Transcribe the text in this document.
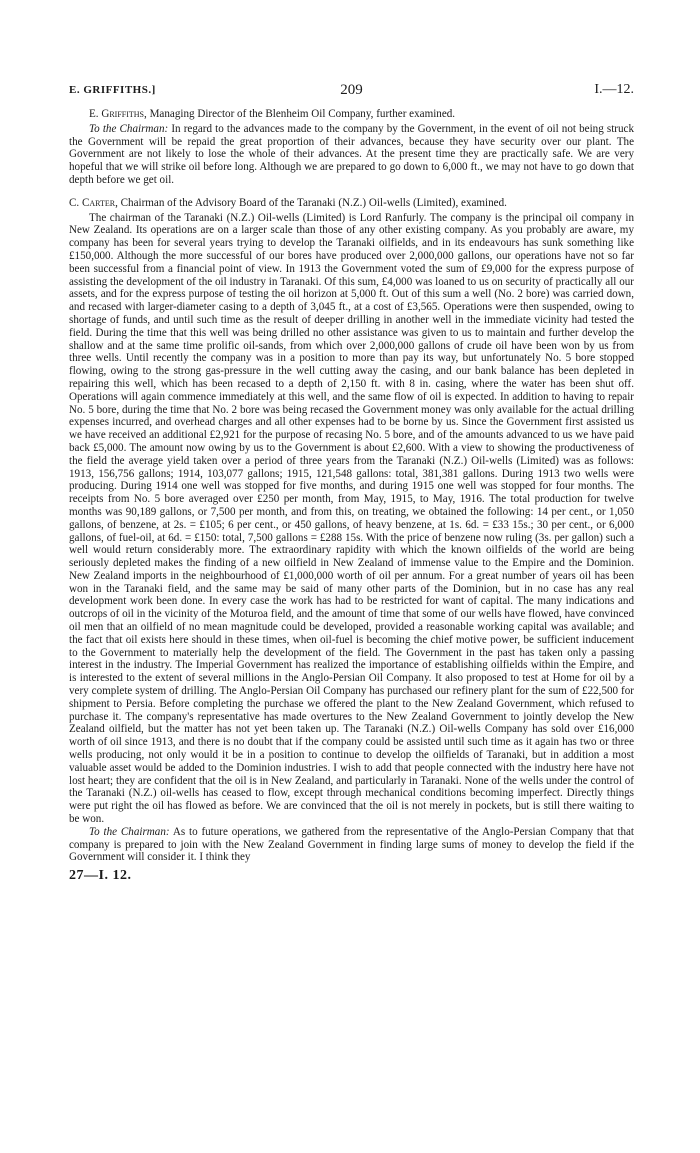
E. GRIFFITHS.]	209	I.—12.

E. Griffiths, Managing Director of the Blenheim Oil Company, further examined.

To the Chairman: In regard to the advances made to the company by the Government, in the event of oil not being struck the Government will be repaid the great proportion of their advances, because they have security over our plant. The Government are not likely to lose the whole of their advances. At the present time they are practically safe. We are very hopeful that we will strike oil before long. Although we are prepared to go down to 6,000 ft., we may not have to go down that depth before we get oil.

C. Carter, Chairman of the Advisory Board of the Taranaki (N.Z.) Oil-wells (Limited), examined.

The chairman of the Taranaki (N.Z.) Oil-wells (Limited) is Lord Ranfurly. The company is the principal oil company in New Zealand. Its operations are on a larger scale than those of any other existing company. As you probably are aware, my company has been for several years trying to develop the Taranaki oilfields, and in its endeavours has sunk something like £150,000. Although the more successful of our bores have produced over 2,000,000 gallons, our operations have not so far been successful from a financial point of view. In 1913 the Government voted the sum of £9,000 for the express purpose of assisting the development of the oil industry in Taranaki. Of this sum, £4,000 was loaned to us on security of practically all our assets, and for the express purpose of testing the oil horizon at 5,000 ft. Out of this sum a well (No. 2 bore) was carried down, and recased with larger-diameter casing to a depth of 3,045 ft., at a cost of £3,565. Operations were then suspended, owing to shortage of funds, and until such time as the result of deeper drilling in another well in the immediate vicinity had tested the field. During the time that this well was being drilled no other assistance was given to us to maintain and further develop the shallow and at the same time prolific oil-sands, from which over 2,000,000 gallons of crude oil have been won by us from three wells. Until recently the company was in a position to more than pay its way, but unfortunately No. 5 bore stopped flowing, owing to the strong gas-pressure in the well cutting away the casing, and our bank balance has been depleted in repairing this well, which has been recased to a depth of 2,150 ft. with 8 in. casing, where the water has been shut off. Operations will again commence immediately at this well, and the same flow of oil is expected. In addition to having to repair No. 5 bore, during the time that No. 2 bore was being recased the Government money was only available for the actual drilling expenses incurred, and overhead charges and all other expenses had to be borne by us. Since the Government first assisted us we have received an additional £2,921 for the purpose of recasing No. 5 bore, and of the amounts advanced to us we have paid back £5,000. The amount now owing by us to the Government is about £2,600. With a view to showing the productiveness of the field the average yield taken over a period of three years from the Taranaki (N.Z.) Oil-wells (Limited) was as follows: 1913, 156,756 gallons; 1914, 103,077 gallons; 1915, 121,548 gallons: total, 381,381 gallons. During 1913 two wells were producing. During 1914 one well was stopped for five months, and during 1915 one well was stopped for four months. The receipts from No. 5 bore averaged over £250 per month, from May, 1915, to May, 1916. The total production for twelve months was 90,189 gallons, or 7,500 per month, and from this, on treating, we obtained the following: 14 per cent., or 1,050 gallons, of benzene, at 2s. = £105; 6 per cent., or 450 gallons, of heavy benzene, at 1s. 6d. = £33 15s.; 30 per cent., or 6,000 gallons, of fuel-oil, at 6d. = £150: total, 7,500 gallons = £288 15s. With the price of benzene now ruling (3s. per gallon) such a well would return considerably more. The extraordinary rapidity with which the known oilfields of the world are being seriously depleted makes the finding of a new oilfield in New Zealand of immense value to the Empire and the Dominion. New Zealand imports in the neighbourhood of £1,000,000 worth of oil per annum. For a great number of years oil has been won in the Taranaki field, and the same may be said of many other parts of the Dominion, but in no case has any real development work been done. In every case the work has had to be restricted for want of capital. The many indications and outcrops of oil in the vicinity of the Moturoa field, and the amount of time that some of our wells have flowed, have convinced oil men that an oilfield of no mean magnitude could be developed, provided a reasonable working capital was available; and the fact that oil exists here should in these times, when oil-fuel is becoming the chief motive power, be sufficient inducement to the Government to materially help the development of the field. The Government in the past has taken only a passing interest in the industry. The Imperial Government has realized the importance of establishing oilfields within the Empire, and is interested to the extent of several millions in the Anglo-Persian Oil Company. It also proposed to test at Home for oil by a very complete system of drilling. The Anglo-Persian Oil Company has purchased our refinery plant for the sum of £22,500 for shipment to Persia. Before completing the purchase we offered the plant to the New Zealand Government, which refused to purchase it. The company's representative has made overtures to the New Zealand Government to jointly develop the New Zealand oilfield, but the matter has not yet been taken up. The Taranaki (N.Z.) Oil-wells Company has sold over £16,000 worth of oil since 1913, and there is no doubt that if the company could be assisted until such time as it again has two or three wells producing, not only would it be in a position to continue to develop the oilfields of Taranaki, but in addition a most valuable asset would be added to the Dominion industries. I wish to add that people connected with the industry here have not lost heart; they are confident that the oil is in New Zealand, and particularly in Taranaki. None of the wells under the control of the Taranaki (N.Z.) oil-wells has ceased to flow, except through mechanical conditions becoming imperfect. Directly things were put right the oil has flowed as before. We are convinced that the oil is not merely in pockets, but is still there waiting to be won.

To the Chairman: As to future operations, we gathered from the representative of the Anglo-Persian Company that that company is prepared to join with the New Zealand Government in finding large sums of money to develop the field if the Government will consider it. I think they

27—I. 12.
